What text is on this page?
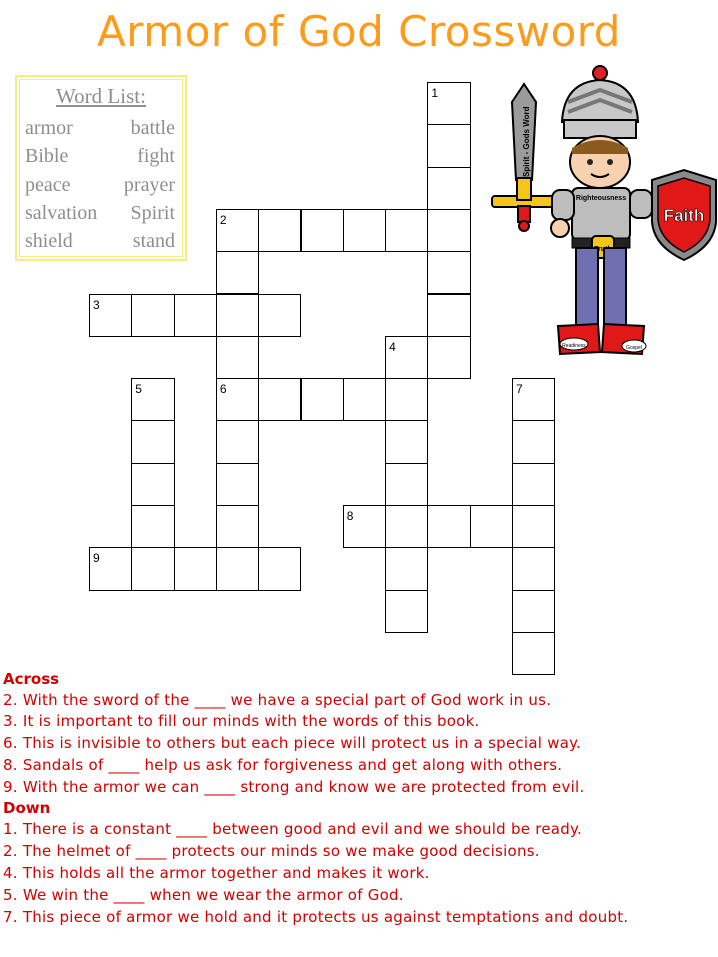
Armor of God Crossword
Word List:
armor	battle
Bible	fight
peace	prayer
salvation Spirit
shield	stand
1
2
3
4
5	6	7
8
9
Spirit - Gods Word
Righteousness
Readiness	Gospel
Faith
Across
2. With the sword of the ____ we have a special part of God work in us.
3. It is important to fill our minds with the words of this book.
6. This is invisible to others but each piece will protect us in a special way.
8. Sandals of ____ help us ask for forgiveness and get along with others.
9. With the armor we can ____ strong and know we are protected from evil.
Down
1. There is a constant ____ between good and evil and we should be ready.
2. The helmet of ____ protects our minds so we make good decisions.
4. This holds all the armor together and makes it work.
5. We win the ____ when we wear the armor of God.
7. This piece of armor we hold and it protects us against temptations and doubt.
